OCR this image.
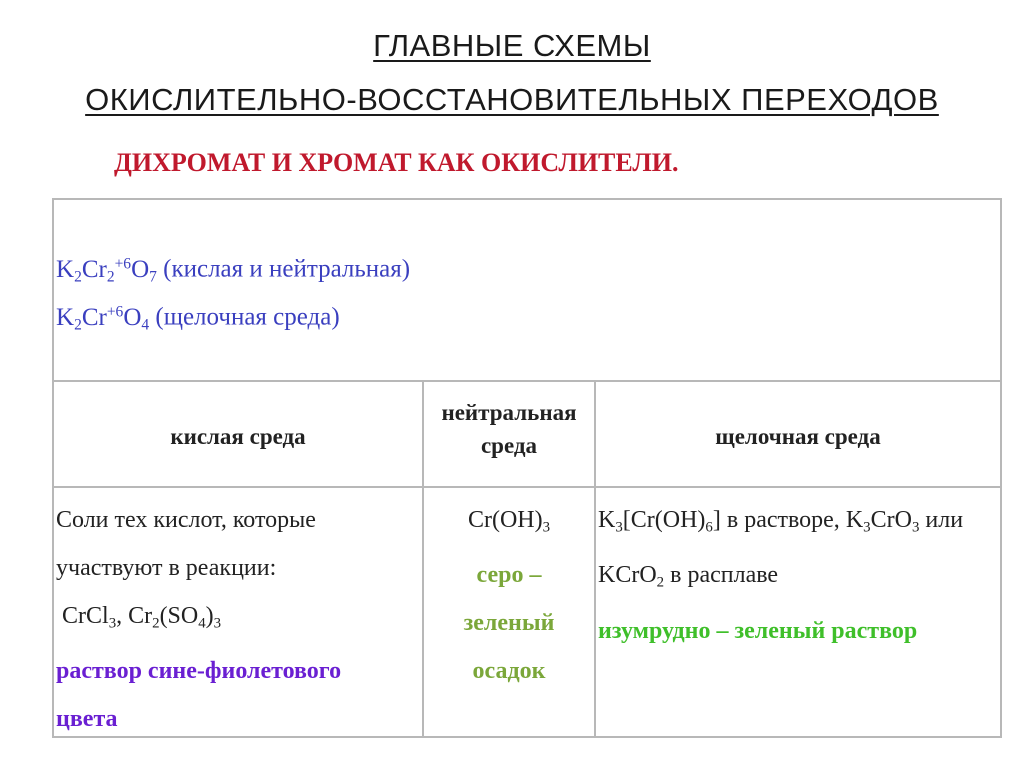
ГЛАВНЫЕ СХЕМЫ
ОКИСЛИТЕЛЬНО-ВОССТАНОВИТЕЛЬНЫХ ПЕРЕХОДОВ
ДИХРОМАТ И ХРОМАТ КАК ОКИСЛИТЕЛИ.
$K_2Cr_2^{+6}O_7$ (кислая и нейтральная)
$K_2Cr^{+6}O_4$ (щелочная среда)
кислая среда
нейтральная
среда	щелочная среда
Соли тех кислот, которые
участвуют в реакции:
CrCl$_3$, $Cr_2(SO_4)_3$
раствор сине-фиолетового
цвета
$Cr(OH)_3$
серо –
зеленый
осадок
$K_3[Cr(OH)_6]$ в растворе, $K_3CrO_3$ или
KCrO$_2$ в расплаве
изумрудно – зеленый раствор
